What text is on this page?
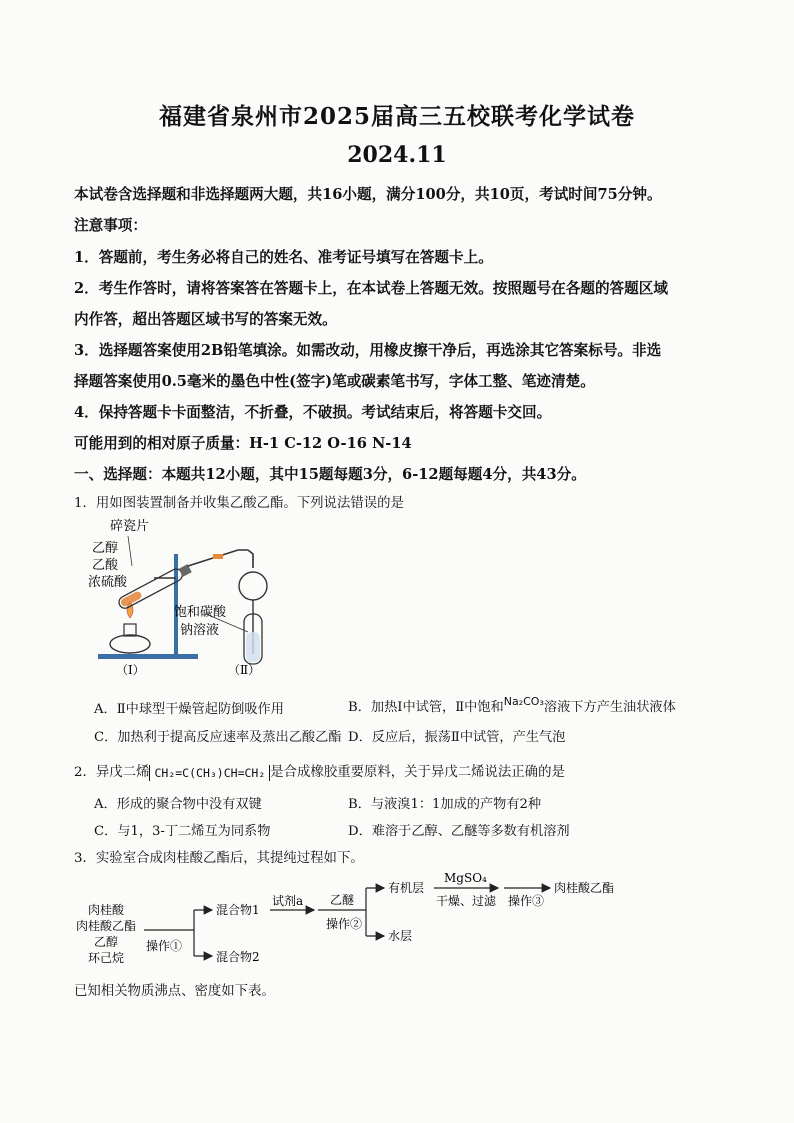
福建省泉州市2025届高三五校联考化学试卷
2024.11
本试卷含选择题和非选择题两大题，共16小题，满分100分，共10页，考试时间75分钟。
注意事项：
1．答题前，考生务必将自己的姓名、准考证号填写在答题卡上。
2．考生作答时，请将答案答在答题卡上，在本试卷上答题无效。按照题号在各题的答题区域
内作答，超出答题区域书写的答案无效。
3．选择题答案使用2B铅笔填涂。如需改动，用橡皮擦干净后，再选涂其它答案标号。非选
择题答案使用0.5毫米的墨色中性(签字)笔或碳素笔书写，字体工整、笔迹清楚。
4．保持答题卡卡面整洁，不折叠，不破损。考试结束后，将答题卡交回。
可能用到的相对原子质量：H-1 C-12 O-16 N-14
一、选择题：本题共12小题，其中15题每题3分，6-12题每题4分，共43分。
1．用如图装置制备并收集乙酸乙酯。下列说法错误的是
碎瓷片
乙醇
乙酸
浓硫酸
饱和碳酸
钠溶液
（Ⅰ）	（Ⅱ）
A．Ⅱ中球型干燥管起防倒吸作用	B．加热Ⅰ中试管，Ⅱ中饱和$^{Na_2CO_3}$溶液下方产生油状液体
C．加热利于提高反应速率及蒸出乙酸乙酯 D．反应后，振荡Ⅱ中试管，产生气泡
2．异戊二烯 CH₂=C(CH₃)CH=CH₂ 是合成橡胶重要原料，关于异戊二烯说法正确的是
A．形成的聚合物中没有双键	B．与液溴1：1加成的产物有2种
C．与1，3-丁二烯互为同系物	D．难溶于乙醇、乙醚等多数有机溶剂
3．实验室合成肉桂酸乙酯后，其提纯过程如下。
肉桂酸
肉桂酸乙酯
乙醇
环己烷
操作①
混合物1
混合物2
试剂a 乙醚
操作②
有机层
水层
MgSO₄
干燥、过滤 操作③
肉桂酸乙酯
已知相关物质沸点、密度如下表。
